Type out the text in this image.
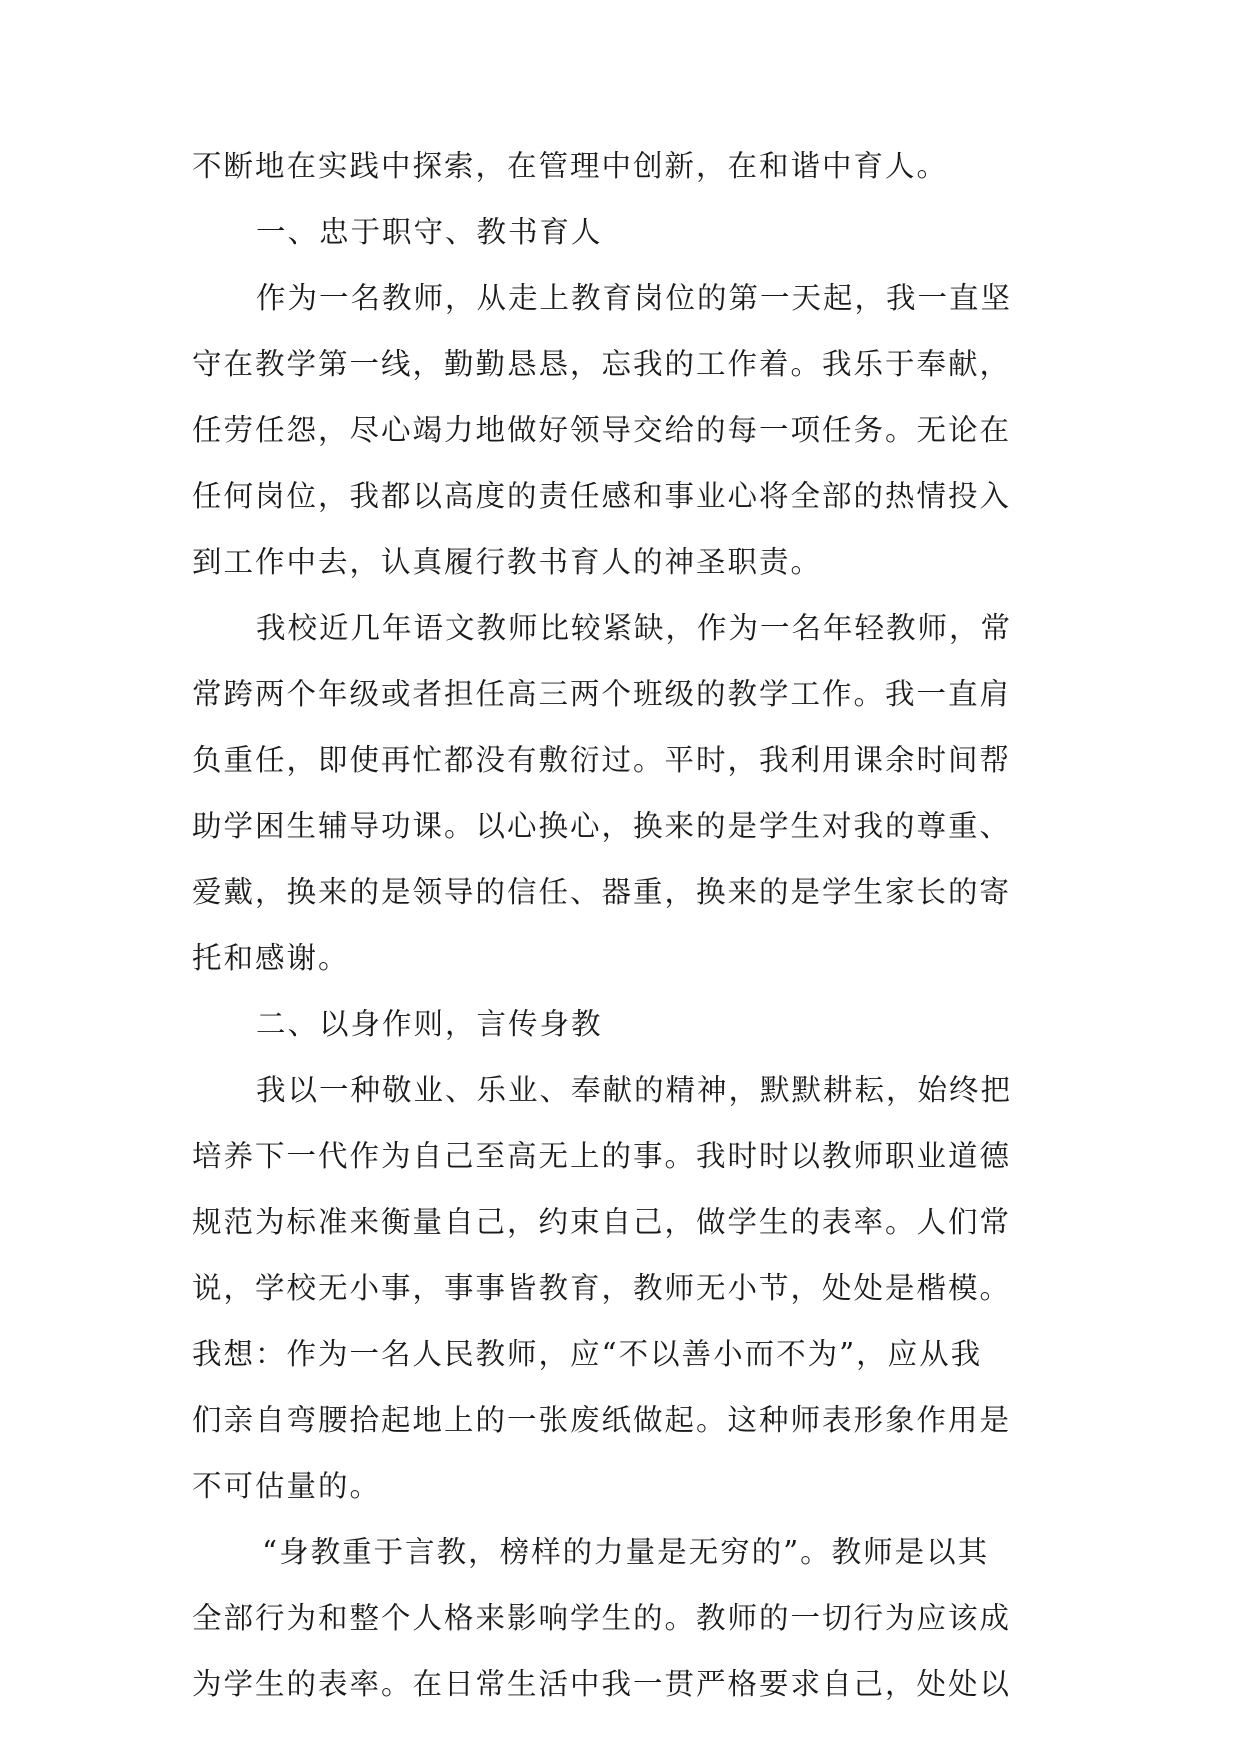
不断地在实践中探索，在管理中创新，在和谐中育人。
一、忠于职守、教书育人
作为一名教师，从走上教育岗位的第一天起，我一直坚
守在教学第一线，勤勤恳恳，忘我的工作着。我乐于奉献，
任劳任怨，尽心竭力地做好领导交给的每一项任务。无论在
任何岗位，我都以高度的责任感和事业心将全部的热情投入
到工作中去，认真履行教书育人的神圣职责。
我校近几年语文教师比较紧缺，作为一名年轻教师，常
常跨两个年级或者担任高三两个班级的教学工作。我一直肩
负重任，即使再忙都没有敷衍过。平时，我利用课余时间帮
助学困生辅导功课。以心换心，换来的是学生对我的尊重、
爱戴，换来的是领导的信任、器重，换来的是学生家长的寄
托和感谢。
二、以身作则，言传身教
我以一种敬业、乐业、奉献的精神，默默耕耘，始终把
培养下一代作为自己至高无上的事。我时时以教师职业道德
规范为标准来衡量自己，约束自己，做学生的表率。人们常
说，学校无小事，事事皆教育，教师无小节，处处是楷模。
我想：作为一名人民教师，应“不以善小而不为”，应从我
们亲自弯腰拾起地上的一张废纸做起。这种师表形象作用是
不可估量的。
“身教重于言教，榜样的力量是无穷的”。教师是以其
全部行为和整个人格来影响学生的。教师的一切行为应该成
为学生的表率。在日常生活中我一贯严格要求自己，处处以
